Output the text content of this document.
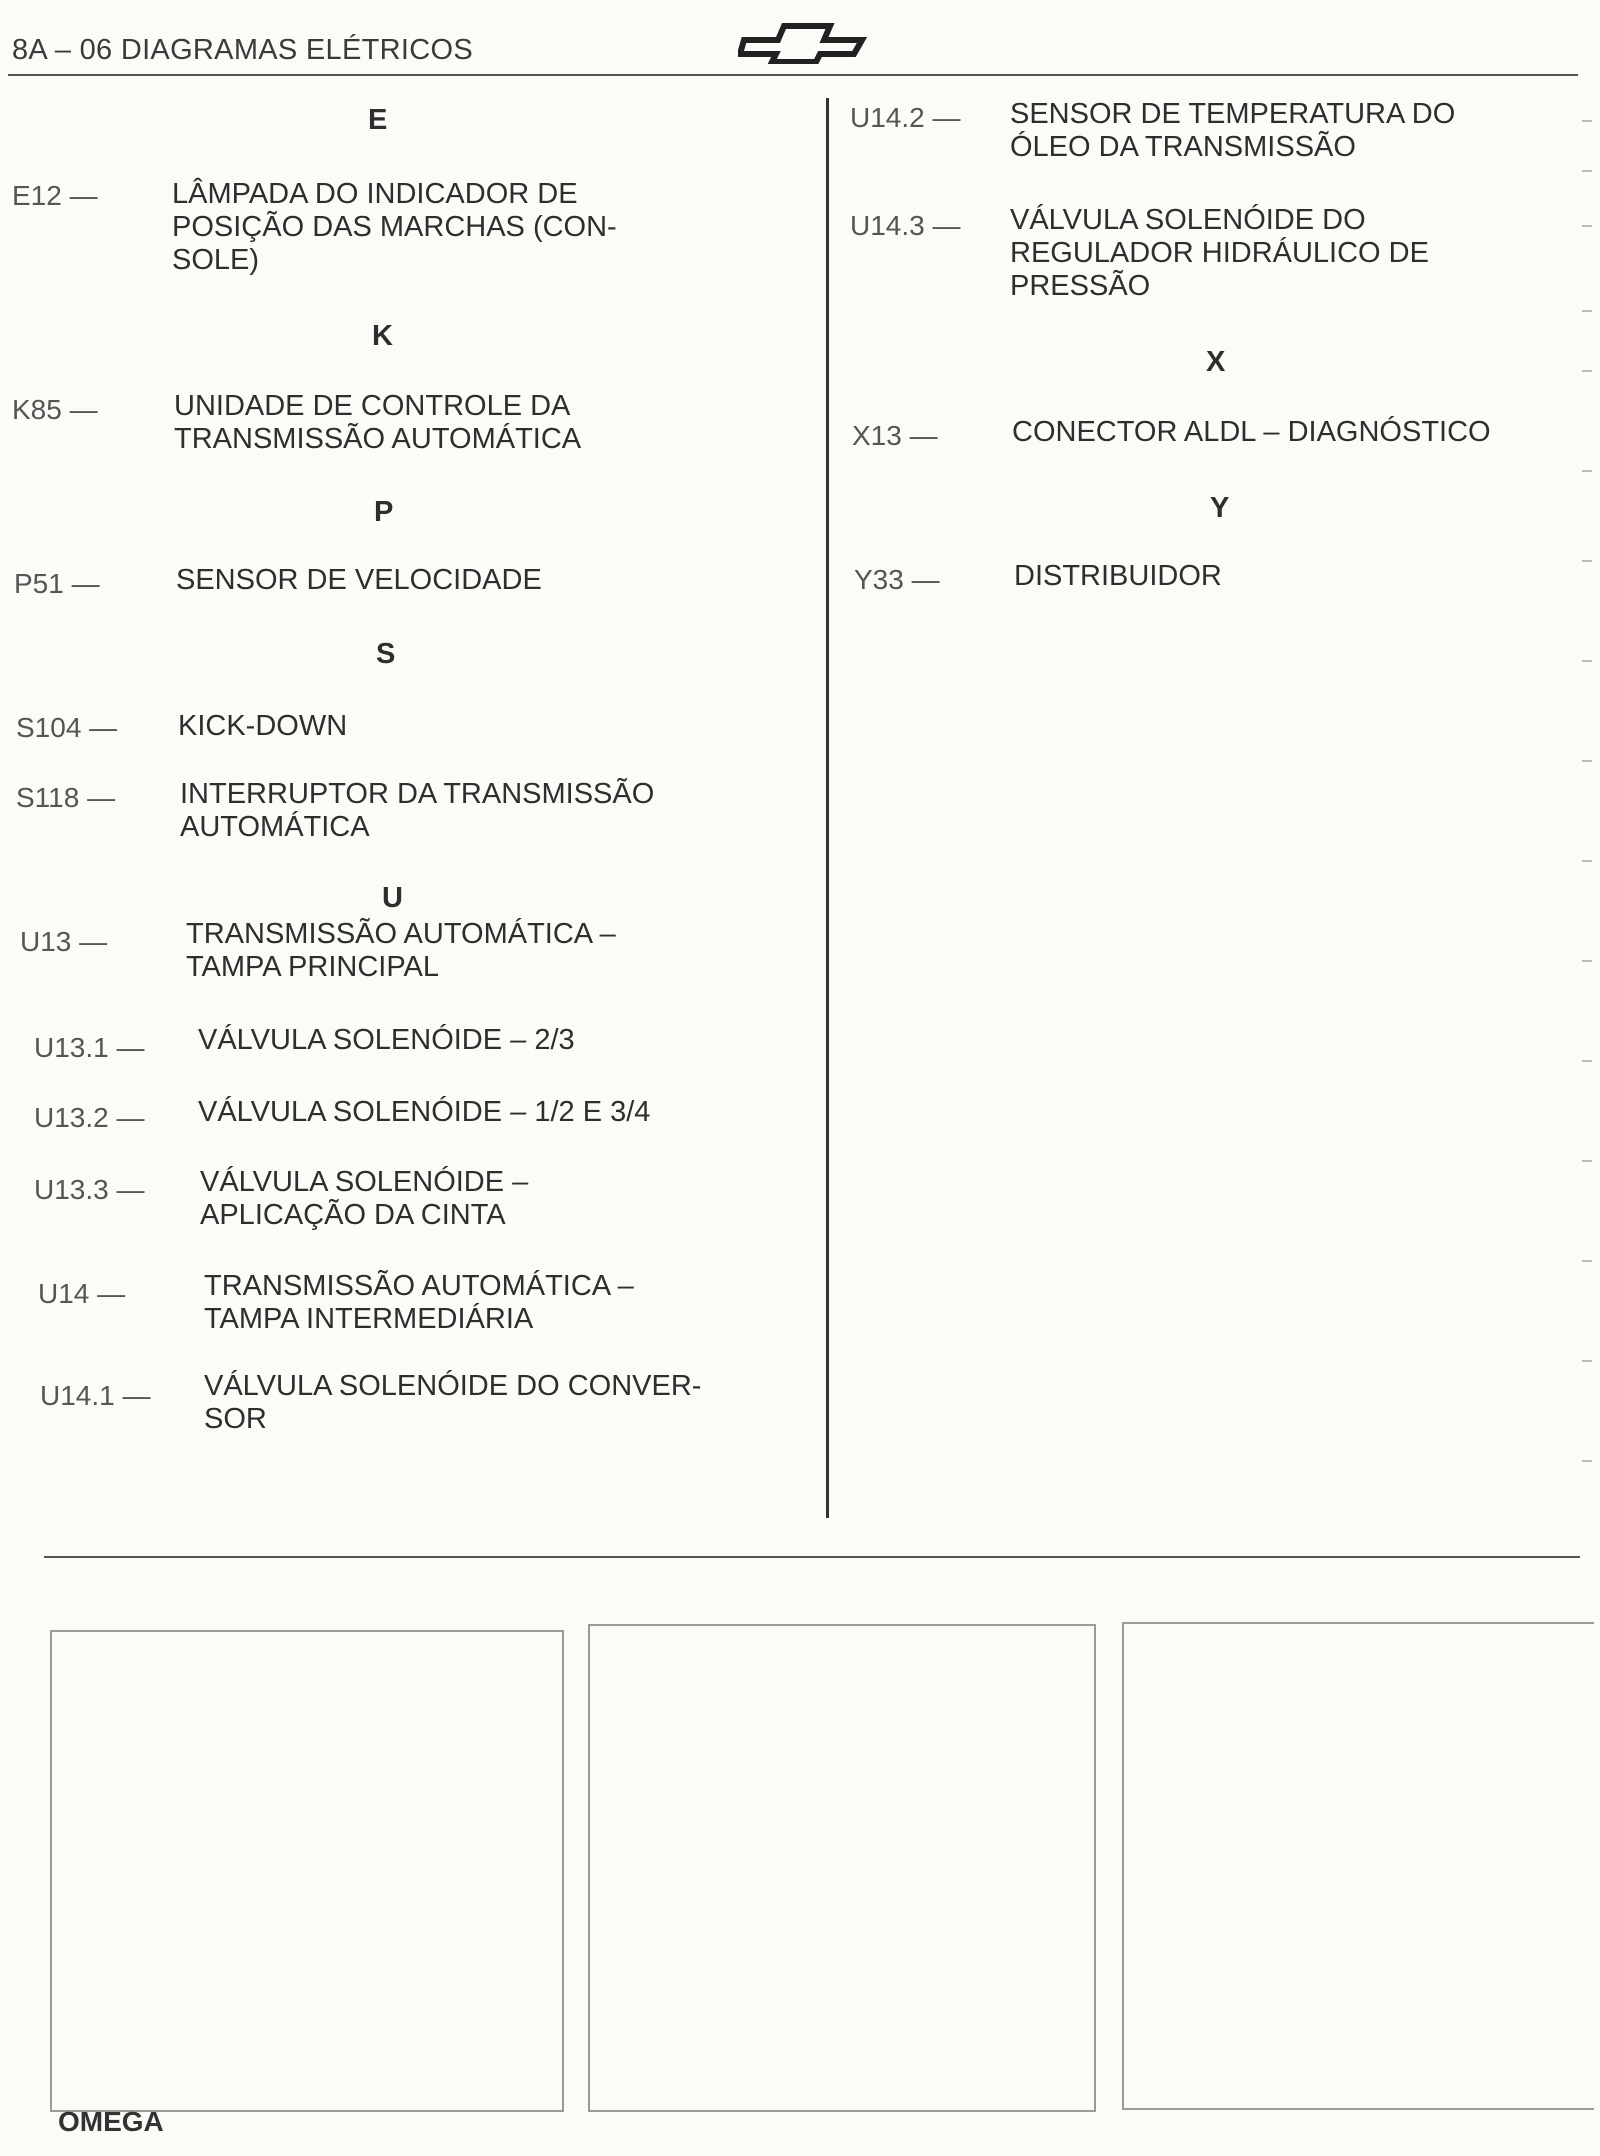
8A – 06 DIAGRAMAS ELÉTRICOS
E
E12 —	LÂMPADA DO INDICADOR DE
POSIÇÃO DAS MARCHAS (CON-
SOLE)
K
K85 —	UNIDADE DE CONTROLE DA
TRANSMISSÃO AUTOMÁTICA
P
P51 —	SENSOR DE VELOCIDADE
S
S104 — KICK-DOWN
S118 — INTERRUPTOR DA TRANSMISSÃO
AUTOMÁTICA
U
U13 —	TRANSMISSÃO AUTOMÁTICA –
TAMPA PRINCIPAL
U13.1 — VÁLVULA SOLENÓIDE – 2/3
U13.2 — VÁLVULA SOLENÓIDE – 1/2 E 3/4
U13.3 — VÁLVULA SOLENÓIDE –
APLICAÇÃO DA CINTA
U14 —	TRANSMISSÃO AUTOMÁTICA –
TAMPA INTERMEDIÁRIA
U14.1 — VÁLVULA SOLENÓIDE DO CONVER-
SOR
U14.2 — SENSOR DE TEMPERATURA DO
ÓLEO DA TRANSMISSÃO
U14.3 — VÁLVULA SOLENÓIDE DO
REGULADOR HIDRÁULICO DE
PRESSÃO
X
X13 —	CONECTOR ALDL – DIAGNÓSTICO
Y
Y33 —	DISTRIBUIDOR
OMEGA
